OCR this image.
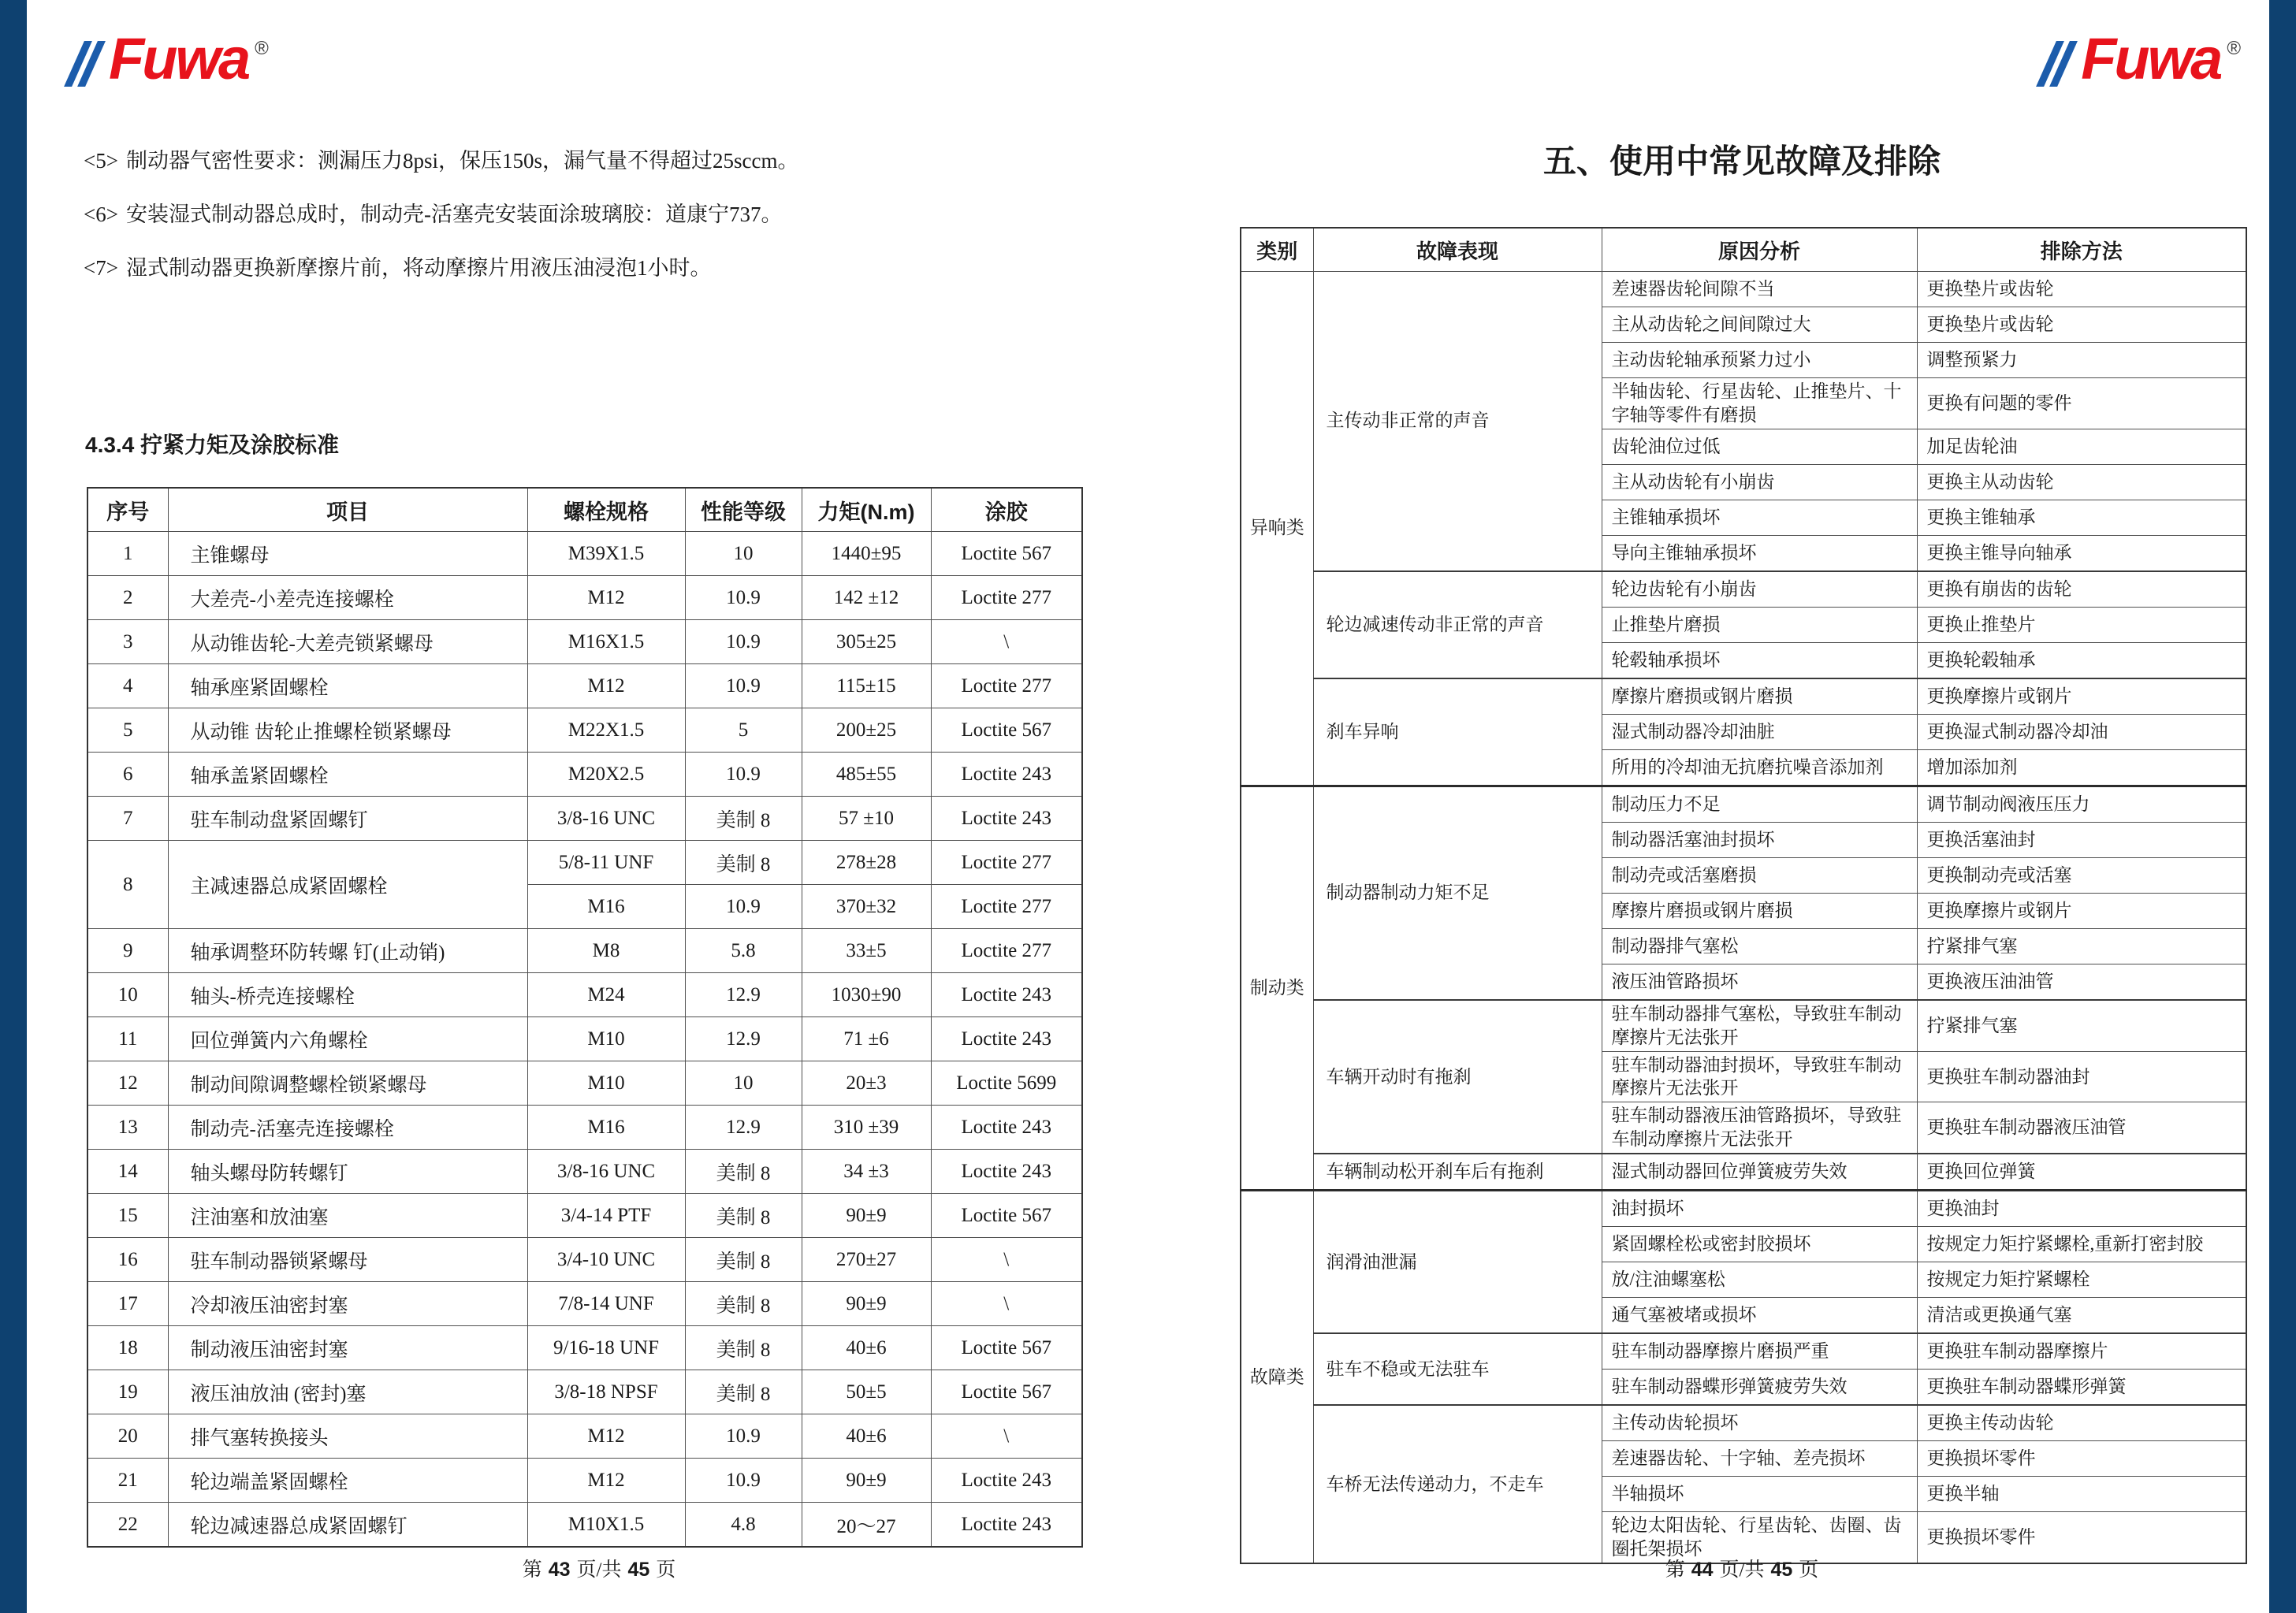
Fuwa ®
<5> 制动器气密性要求：测漏压力8psi，保压150s，漏气量不得超过25sccm。
<6> 安装湿式制动器总成时，制动壳-活塞壳安装面涂玻璃胶：道康宁737。
<7> 湿式制动器更换新摩擦片前，将动摩擦片用液压油浸泡1小时。
4.3.4 拧紧力矩及涂胶标准
序号	项目	螺栓规格	性能等级	力矩(N.m)	涂胶
1	主锥螺母	M39X1.5	10	1440±95	Loctite 567
2	大差壳-小差壳连接螺栓	M12	10.9	142 ±12	Loctite 277
3	从动锥齿轮-大差壳锁紧螺母	M16X1.5	10.9	305±25	\
4	轴承座紧固螺栓	M12	10.9	115±15	Loctite 277
5	从动锥 齿轮止推螺栓锁紧螺母	M22X1.5	5	200±25	Loctite 567
6	轴承盖紧固螺栓	M20X2.5	10.9	485±55	Loctite 243
7	驻车制动盘紧固螺钉	3/8-16 UNC	美制 8	57 ±10	Loctite 243
8	主减速器总成紧固螺栓	5/8-11 UNF	美制 8	278±28	Loctite 277
		M16	10.9	370±32	Loctite 277
9	轴承调整环防转螺 钉(止动销)	M8	5.8	33±5	Loctite 277
10	轴头-桥壳连接螺栓	M24	12.9	1030±90	Loctite 243
11	回位弹簧内六角螺栓	M10	12.9	71 ±6	Loctite 243
12	制动间隙调整螺栓锁紧螺母	M10	10	20±3	Loctite 5699
13	制动壳-活塞壳连接螺栓	M16	12.9	310 ±39	Loctite 243
14	轴头螺母防转螺钉	3/8-16 UNC	美制 8	34 ±3	Loctite 243
15	注油塞和放油塞	3/4-14 PTF	美制 8	90±9	Loctite 567
16	驻车制动器锁紧螺母	3/4-10 UNC	美制 8	270±27	\
17	冷却液压油密封塞	7/8-14 UNF	美制 8	90±9	\
18	制动液压油密封塞	9/16-18 UNF	美制 8	40±6	Loctite 567
19	液压油放油 (密封)塞	3/8-18 NPSF	美制 8	50±5	Loctite 567
20	排气塞转换接头	M12	10.9	40±6	\
21	轮边端盖紧固螺栓	M12	10.9	90±9	Loctite 243
22	轮边减速器总成紧固螺钉	M10X1.5	4.8	20～27	Loctite 243
第 43 页/共 45 页
Fuwa ®
五、使用中常见故障及排除
类别	故障表现	原因分析	排除方法
异响类	主传动非正常的声音	差速器齿轮间隙不当	更换垫片或齿轮
		主从动齿轮之间间隙过大	更换垫片或齿轮
		主动齿轮轴承预紧力过小	调整预紧力
		半轴齿轮、行星齿轮、止推垫片、十字轴等零件有磨损	更换有问题的零件
		齿轮油位过低	加足齿轮油
		主从动齿轮有小崩齿	更换主从动齿轮
		主锥轴承损坏	更换主锥轴承
		导向主锥轴承损坏	更换主锥导向轴承
	轮边减速传动非正常的声音	轮边齿轮有小崩齿	更换有崩齿的齿轮
		止推垫片磨损	更换止推垫片
		轮毂轴承损坏	更换轮毂轴承
	刹车异响	摩擦片磨损或钢片磨损	更换摩擦片或钢片
		湿式制动器冷却油脏	更换湿式制动器冷却油
		所用的冷却油无抗磨抗噪音添加剂	增加添加剂
制动类	制动器制动力矩不足	制动压力不足	调节制动阀液压压力
		制动器活塞油封损坏	更换活塞油封
		制动壳或活塞磨损	更换制动壳或活塞
		摩擦片磨损或钢片磨损	更换摩擦片或钢片
		制动器排气塞松	拧紧排气塞
		液压油管路损坏	更换液压油油管
	车辆开动时有拖刹	驻车制动器排气塞松，导致驻车制动摩擦片无法张开	拧紧排气塞
		驻车制动器油封损坏，导致驻车制动摩擦片无法张开	更换驻车制动器油封
		驻车制动器液压油管路损坏，导致驻车制动摩擦片无法张开	更换驻车制动器液压油管
	车辆制动松开刹车后有拖刹	湿式制动器回位弹簧疲劳失效	更换回位弹簧
故障类	润滑油泄漏	油封损坏	更换油封
		紧固螺栓松或密封胶损坏	按规定力矩拧紧螺栓,重新打密封胶
		放/注油螺塞松	按规定力矩拧紧螺栓
		通气塞被堵或损坏	清洁或更换通气塞
	驻车不稳或无法驻车	驻车制动器摩擦片磨损严重	更换驻车制动器摩擦片
		驻车制动器蝶形弹簧疲劳失效	更换驻车制动器蝶形弹簧
	车桥无法传递动力，不走车	主传动齿轮损坏	更换主传动齿轮
		差速器齿轮、十字轴、差壳损坏	更换损坏零件
		半轴损坏	更换半轴
		轮边太阳齿轮、行星齿轮、齿圈、齿圈托架损坏	更换损坏零件
第 44 页/共 45 页
